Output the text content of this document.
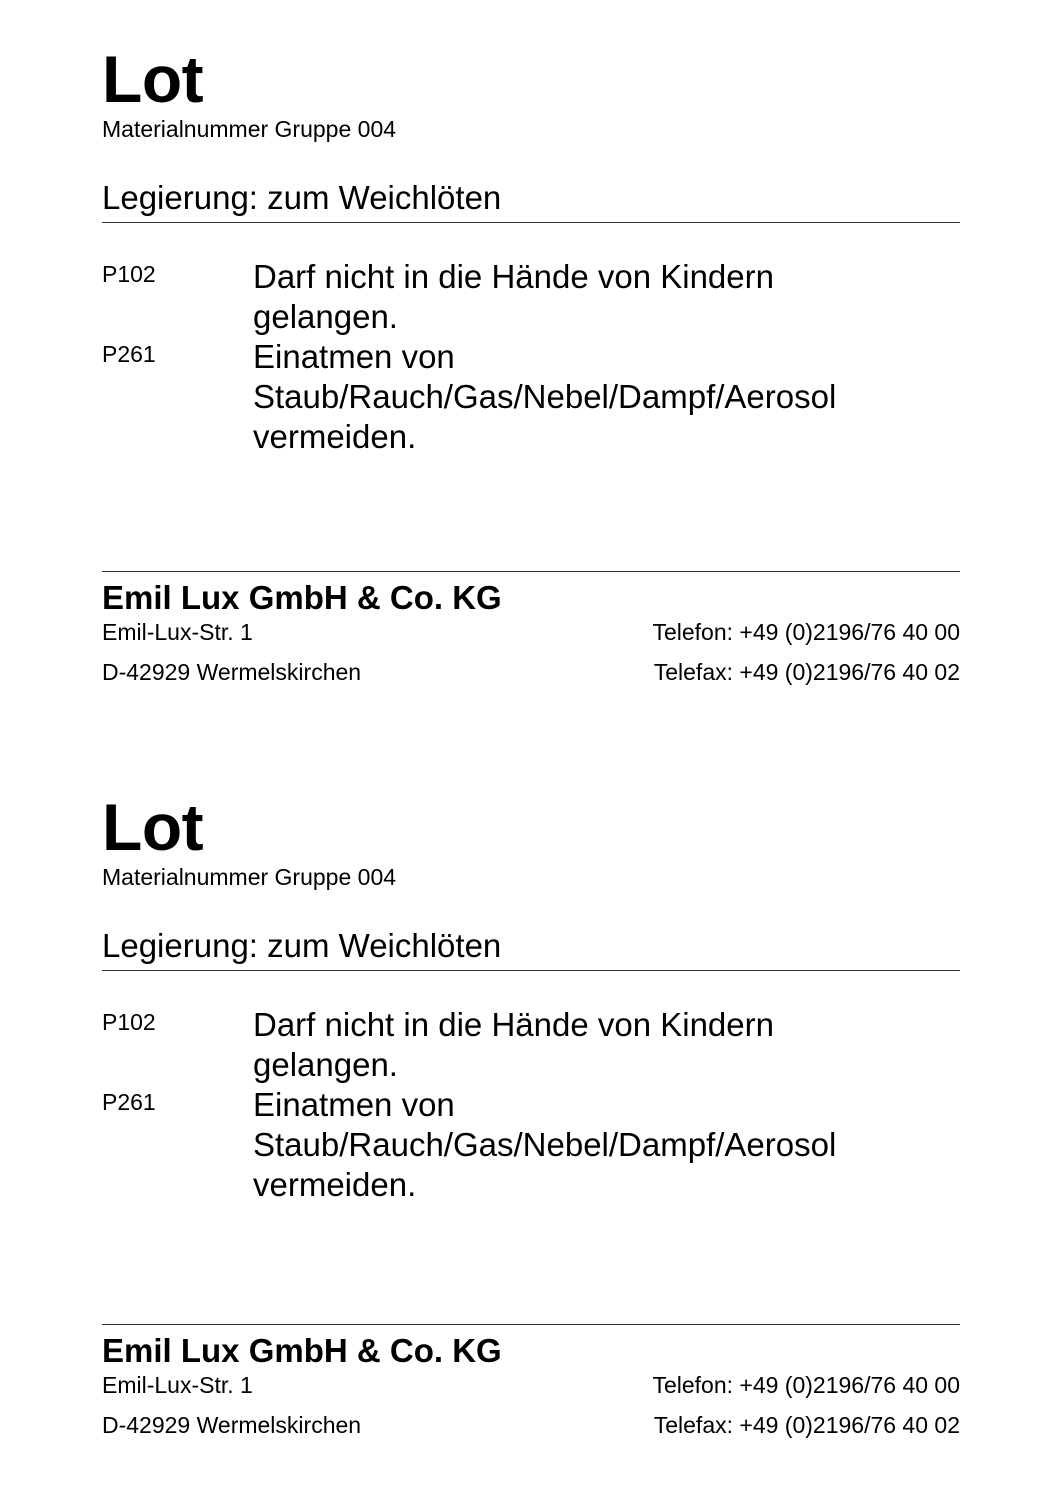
Lot
Materialnummer Gruppe 004
Legierung: zum Weichlöten
P102	Darf nicht in die Hände von Kindern gelangen.
P261	Einatmen von Staub/Rauch/Gas/Nebel/Dampf/Aerosol vermeiden.
Emil Lux GmbH & Co. KG
Emil-Lux-Str. 1
D-42929 Wermelskirchen
Telefon: +49 (0)2196/76 40 00
Telefax: +49 (0)2196/76 40 02
Lot
Materialnummer Gruppe 004
Legierung: zum Weichlöten
P102	Darf nicht in die Hände von Kindern gelangen.
P261	Einatmen von Staub/Rauch/Gas/Nebel/Dampf/Aerosol vermeiden.
Emil Lux GmbH & Co. KG
Emil-Lux-Str. 1
D-42929 Wermelskirchen
Telefon: +49 (0)2196/76 40 00
Telefax: +49 (0)2196/76 40 02
